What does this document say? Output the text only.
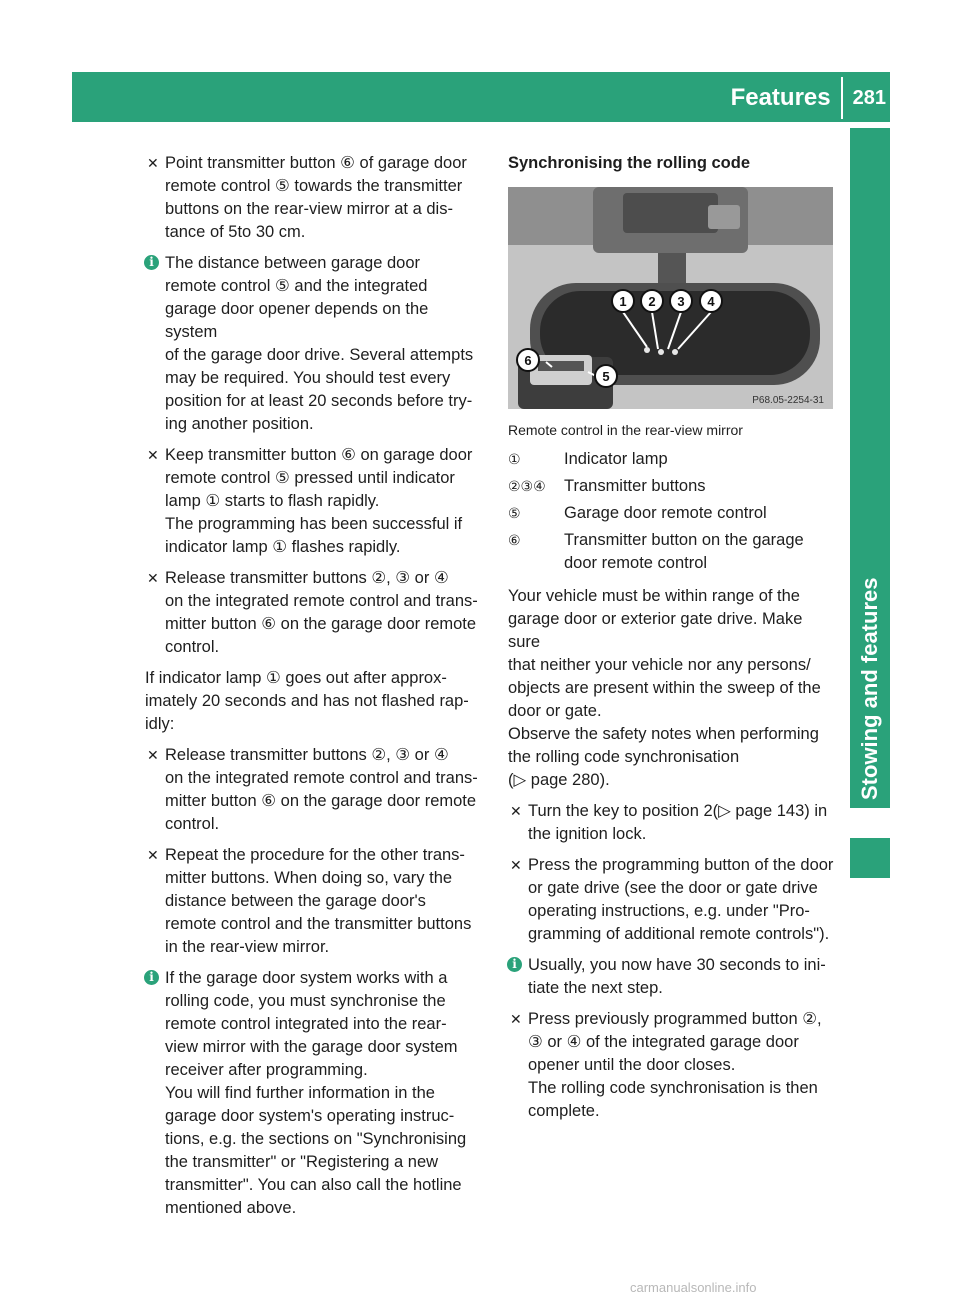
Features 281
Stowing and features
✕ Point transmitter button ⑥ of garage door
remote control ⑤ towards the transmitter
buttons on the rear-view mirror at a dis-
tance of 5to 30 cm.
i The distance between garage door
remote control ⑤ and the integrated
garage door opener depends on the system
of the garage door drive. Several attempts
may be required. You should test every
position for at least 20 seconds before try-
ing another position.
✕ Keep transmitter button ⑥ on garage door
remote control ⑤ pressed until indicator
lamp ① starts to flash rapidly.
The programming has been successful if
indicator lamp ① flashes rapidly.
✕ Release transmitter buttons ②, ③ or ④
on the integrated remote control and trans-
mitter button ⑥ on the garage door remote
control.
If indicator lamp ① goes out after approx-
imately 20 seconds and has not flashed rap-
idly:
✕ Release transmitter buttons ②, ③ or ④
on the integrated remote control and trans-
mitter button ⑥ on the garage door remote
control.
✕ Repeat the procedure for the other trans-
mitter buttons. When doing so, vary the
distance between the garage door's
remote control and the transmitter buttons
in the rear-view mirror.
i If the garage door system works with a
rolling code, you must synchronise the
remote control integrated into the rear-
view mirror with the garage door system
receiver after programming.
You will find further information in the
garage door system's operating instruc-
tions, e.g. the sections on "Synchronising
the transmitter" or "Registering a new
transmitter". You can also call the hotline
mentioned above.
Synchronising the rolling code
1 2 3 4
5
6
P68.05-2254-31
Remote control in the rear-view mirror
①	Indicator lamp
②③④	Transmitter buttons
⑤	Garage door remote control
⑥	Transmitter button on the garage door remote control
Your vehicle must be within range of the
garage door or exterior gate drive. Make sure
that neither your vehicle nor any persons/
objects are present within the sweep of the
door or gate.
Observe the safety notes when performing
the rolling code synchronisation
(▷ page 280).
✕ Turn the key to position 2(▷ page 143) in
the ignition lock.
✕ Press the programming button of the door
or gate drive (see the door or gate drive
operating instructions, e.g. under "Pro-
gramming of additional remote controls").
i Usually, you now have 30 seconds to ini-
tiate the next step.
✕ Press previously programmed button ②,
③ or ④ of the integrated garage door
opener until the door closes.
The rolling code synchronisation is then
complete.
carmanualsonline.info
